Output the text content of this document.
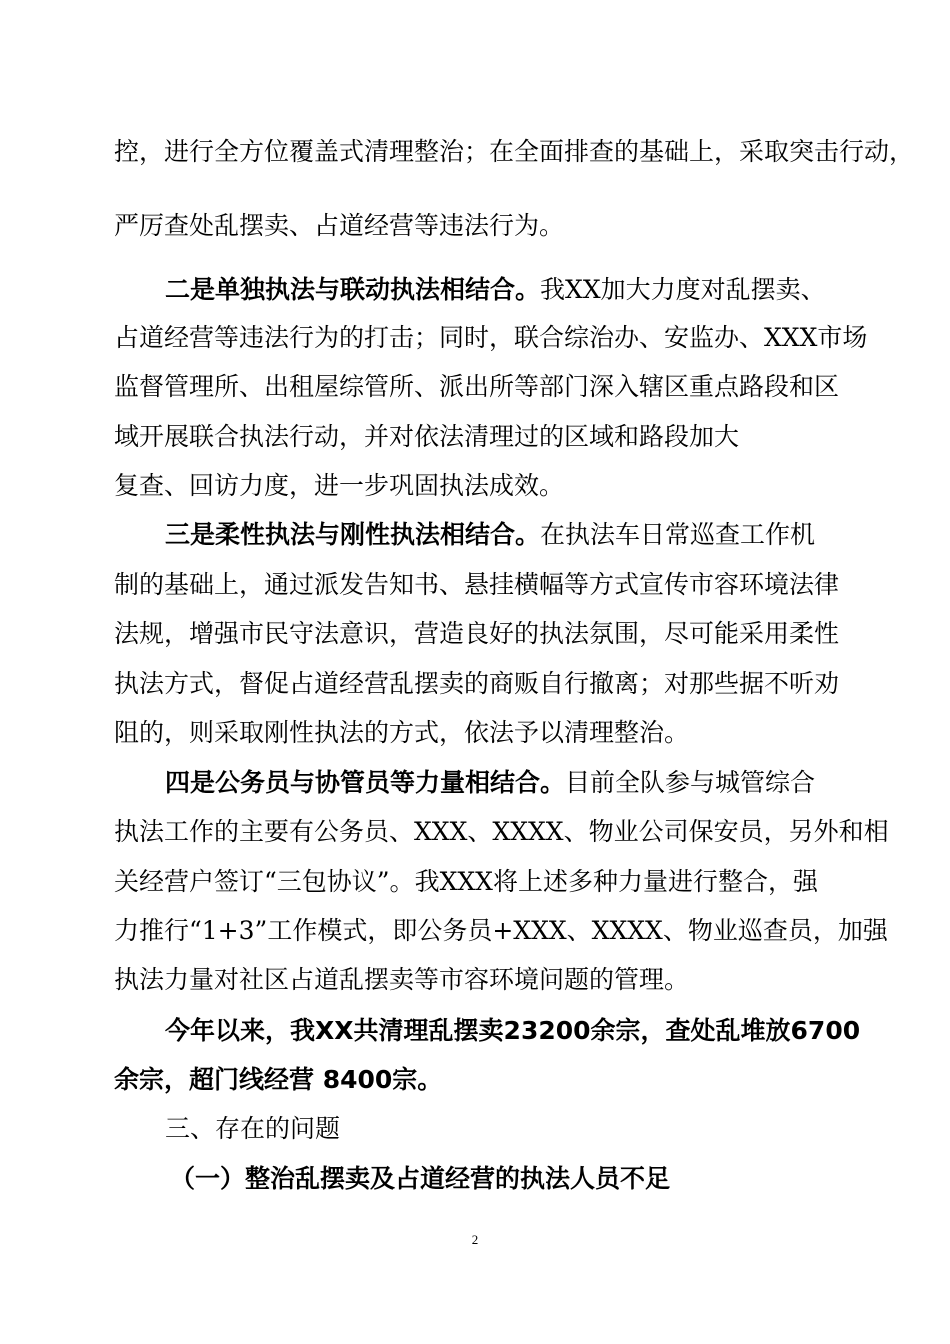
控，进行全方位覆盖式清理整治；在全面排查的基础上，采取突击行动，
严厉查处乱摆卖、占道经营等违法行为。
二是单独执法与联动执法相结合。我XX加大力度对乱摆卖、
占道经营等违法行为的打击；同时，联合综治办、安监办、XXX市场
监督管理所、出租屋综管所、派出所等部门深入辖区重点路段和区
域开展联合执法行动，并对依法清理过的区域和路段加大
复查、回访力度，进一步巩固执法成效。
三是柔性执法与刚性执法相结合。在执法车日常巡查工作机
制的基础上，通过派发告知书、悬挂横幅等方式宣传市容环境法律
法规，增强市民守法意识，营造良好的执法氛围，尽可能采用柔性
执法方式，督促占道经营乱摆卖的商贩自行撤离；对那些据不听劝
阻的，则采取刚性执法的方式，依法予以清理整治。
四是公务员与协管员等力量相结合。目前全队参与城管综合
执法工作的主要有公务员、XXX、XXXX、物业公司保安员，另外和相
关经营户签订“三包协议”。我XXX将上述多种力量进行整合，强
力推行“1+3”工作模式，即公务员+XXX、XXXX、物业巡查员，加强
执法力量对社区占道乱摆卖等市容环境问题的管理。
今年以来，我XX共清理乱摆卖23200余宗，查处乱堆放6700
余宗，超门线经营 8400宗。
三、存在的问题
（一）整治乱摆卖及占道经营的执法人员不足
2
